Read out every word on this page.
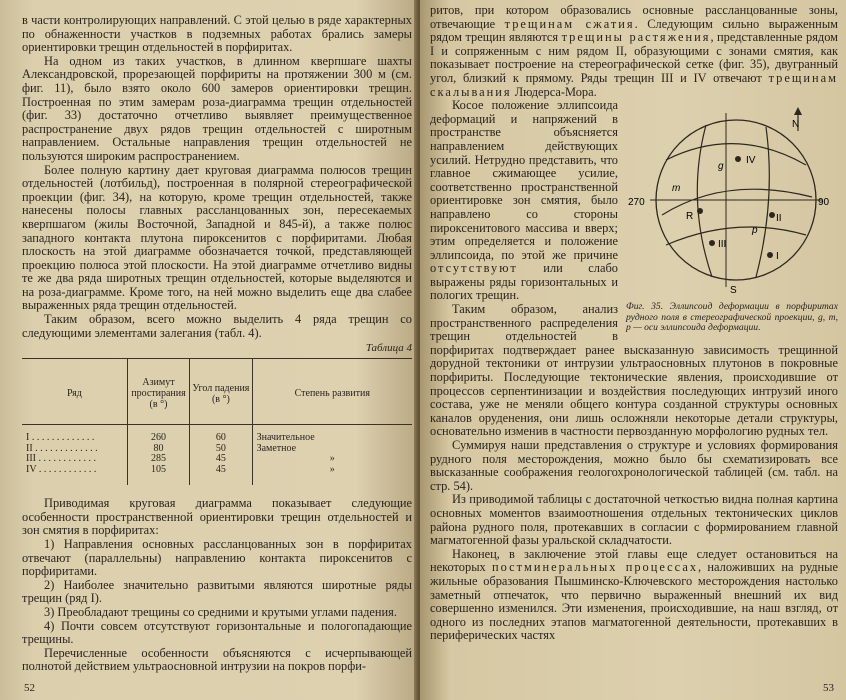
в части контролирующих направлений. С этой целью в ряде характерных по обнаженности участков в подземных работах брались замеры ориентировки трещин отдельностей в порфиритах.

На одном из таких участков, в длинном кверпшаге шахты Александровской, прорезающей порфириты на протяжении 300 м (см. фиг. 11), было взято около 600 замеров ориентировки трещин. Построенная по этим замерам роза-диаграмма трещин отдельностей (фиг. 33) достаточно отчетливо выявляет преимущественное распространение двух рядов трещин отдельностей с широтным направлением. Остальные направления трещин отдельностей не пользуются широким распространением.

Более полную картину дает круговая диаграмма полюсов трещин отдельностей (лотбильд), построенная в полярной стереографической проекции (фиг. 34), на которую, кроме трещин отдельностей, также нанесены полосы главных рассланцованных зон, пересекаемых кверпшагом (жилы Восточной, Западной и 845-й), а также полюс западного контакта плутона пироксенитов с порфиритами. Любая плоскость на этой диаграмме обозначается точкой, представляющей проекцию полюса этой плоскости. На этой диаграмме отчетливо видны те же два ряда широтных трещин отдельностей, которые выделяются и на роза-диаграмме. Кроме того, на ней можно выделить еще два слабее выраженных ряда трещин отдельностей.

Таким образом, всего можно выделить 4 ряда трещин со следующими элементами залегания (табл. 4).

Таблица 4
Ряд	Азимут простирания (в °)	Угол падения (в °)	Степень развития
I . . . . . . . . . . . . .	260	60	Значительное
II . . . . . . . . . . . . .	80	50	Заметное
III . . . . . . . . . . . .	285	45	»
IV . . . . . . . . . . . .	105	45	»

Приводимая круговая диаграмма показывает следующие особенности пространственной ориентировки трещин отдельностей и зон смятия в порфиритах:

1) Направления основных рассланцованных зон в порфиритах отвечают (параллельны) направлению контакта пироксенитов с порфиритами.

2) Наиболее значительно развитыми являются широтные ряды трещин (ряд I).

3) Преобладают трещины со средними и крутыми углами падения.

4) Почти совсем отсутствуют горизонтальные и пологопадающие трещины.

Перечисленные особенности объясняются с исчерпывающей полнотой действием ультраосновной интрузии на покров порфи-

52

ритов, при котором образовались основные рассланцованные зоны, отвечающие трещинам сжатия. Следующим сильно выраженным рядом трещин являются трещины растяжения, представленные рядом I и сопряженным с ним рядом II, образующими с зонами смятия, как показывает построение на стереографической сетке (фиг. 35), двугранный угол, близкий к прямому. Ряды трещин III и IV отвечают трещинам скалывания Людерса-Мора.

N
S
270	90
m
g
p
R
IV
II
III
I
Фиг. 35. Эллипсоид деформации в порфиритах рудного поля в стереографической проекции, g, m, p — оси эллипсоида деформации.

Косое положение эллипсоида деформаций и напряжений в пространстве объясняется направлением действующих усилий. Нетрудно представить, что главное сжимающее усилие, соответственно пространственной ориентировке зон смятия, было направлено со стороны пироксенитового массива и вверх; этим определяется и положение эллипсоида, по этой же причине отсутствуют или слабо выражены ряды горизонтальных и пологих трещин.

Таким образом, анализ пространственного распределения трещин отдельностей в порфиритах подтверждает ранее высказанную зависимость трещинной дорудной тектоники от интрузии ультраосновных плутонов в покровные порфириты. Последующие тектонические явления, происходившие от процессов серпентинизации и воздействия последующих интрузий иного состава, уже не меняли общего контура созданной структуры основных каналов оруденения, они лишь осложняли некоторые детали структуры, основательно изменив в частности первоздaнную морфологию рудных тел.

Суммируя наши представления о структуре и условиях формирования рудного поля месторождения, можно было бы схематизировать все высказанные соображения геологохронологической таблицей (см. табл. на стр. 54).

Из приводимой таблицы с достаточной четкостью видна полная картина основных моментов взаимоотношения отдельных тектонических циклов района рудного поля, протекавших в согласии с формированием главной магматогенной фазы уральской складчатости.

Наконец, в заключение этой главы еще следует остановиться на некоторых постминеральных процессах, наложивших на рудные жильные образования Пышминско-Ключевского месторождения настолько заметный отпечаток, что первично выраженный внешний их вид совершенно изменился. Эти изменения, происходившие, на наш взгляд, от одного из последних этапов магматогенной деятельности, протекавших в периферических частях

53
